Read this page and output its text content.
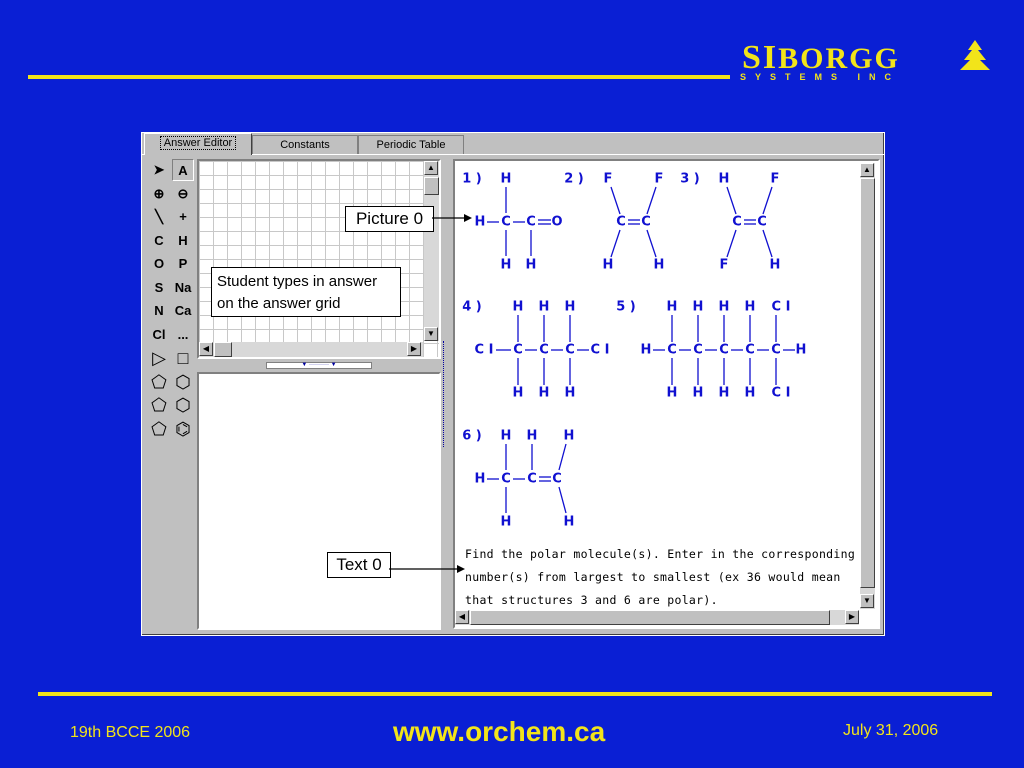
SIBORGG
SYSTEMS INC
Answer Editor	Constants	Periodic Table
➤	A
⊕	⊖
╲	+
C	H
O	P
S Na
N Ca
Cl ...
▷ □
⬠ ⬡
⬠ ⬡
⬠ ⌬
▲
▼
◀	▶
▼ ·········· ▼
▲
▼
◀	▶
1 ) H
H C C O
H H
2 ) F	F
C C
H	H
3 ) H	F
C C
F	H
4 ) H
C
H
H
C
H
H
C
H
C I	C I
5 ) H
C
H
H
C
H
H
C
H
H
C
H
C I
C
C I
H	H
6 ) H H H
H C C C
H	H
Find the polar molecule(s). Enter in the corresponding
number(s) from largest to smallest (ex 36 would mean
that structures 3 and 6 are polar).
Picture 0
Student types in answer
on the answer grid
Text 0
19th BCCE 2006	www.orchem.ca	July 31, 2006
